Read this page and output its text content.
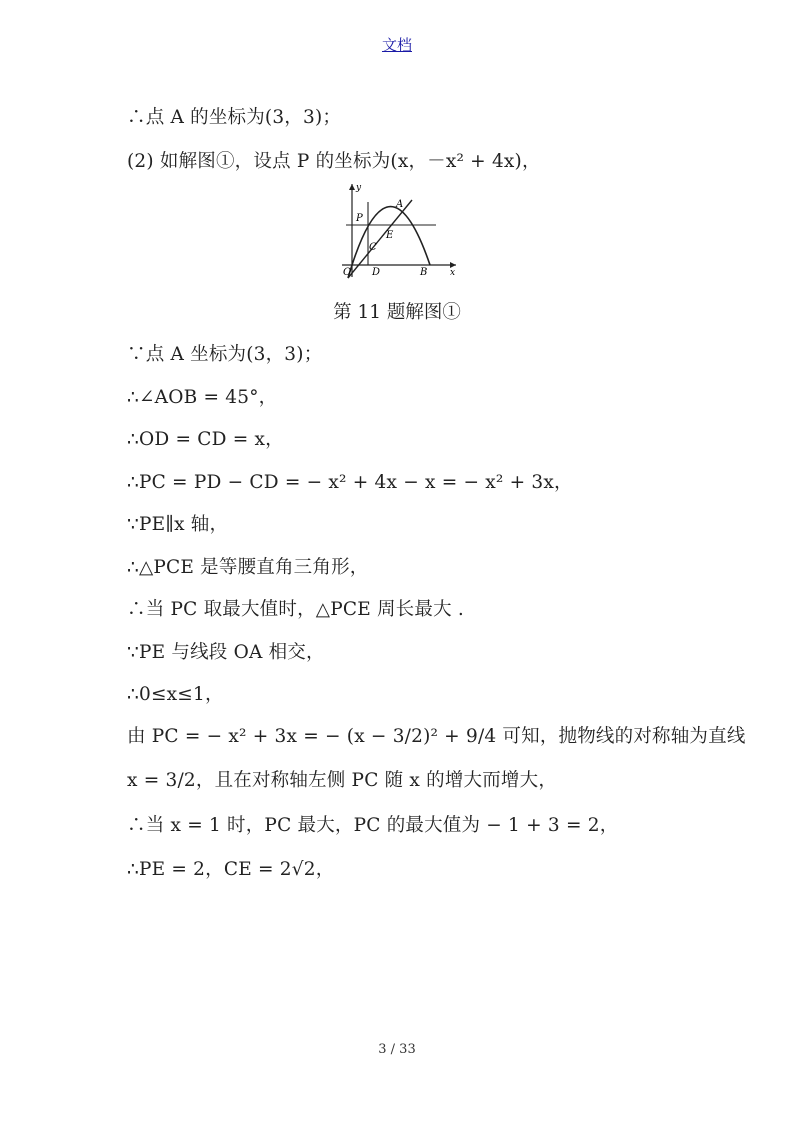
文档
∴点 A 的坐标为(3，3)；
(2) 如解图①，设点 P 的坐标为(x，－x² + 4x)，
y
x
A
P
E
C
O D	B
第 11 题解图①
∵点 A 坐标为(3，3)；
∴∠AOB = 45°，
∴OD = CD = x，
∴PC = PD − CD = − x² + 4x − x = − x² + 3x，
∵PE∥x 轴，
∴△PCE 是等腰直角三角形，
∴当 PC 取最大值时，△PCE 周长最大 .
∵PE 与线段 OA 相交，
∴0≤x≤1，
由 PC = − x² + 3x = − (x − 3/2)² + 9/4 可知，抛物线的对称轴为直线
x = 3/2，且在对称轴左侧 PC 随 x 的增大而增大，
∴当 x = 1 时，PC 最大，PC 的最大值为 − 1 + 3 = 2，
∴PE = 2，CE = 2√2，
3 / 33
